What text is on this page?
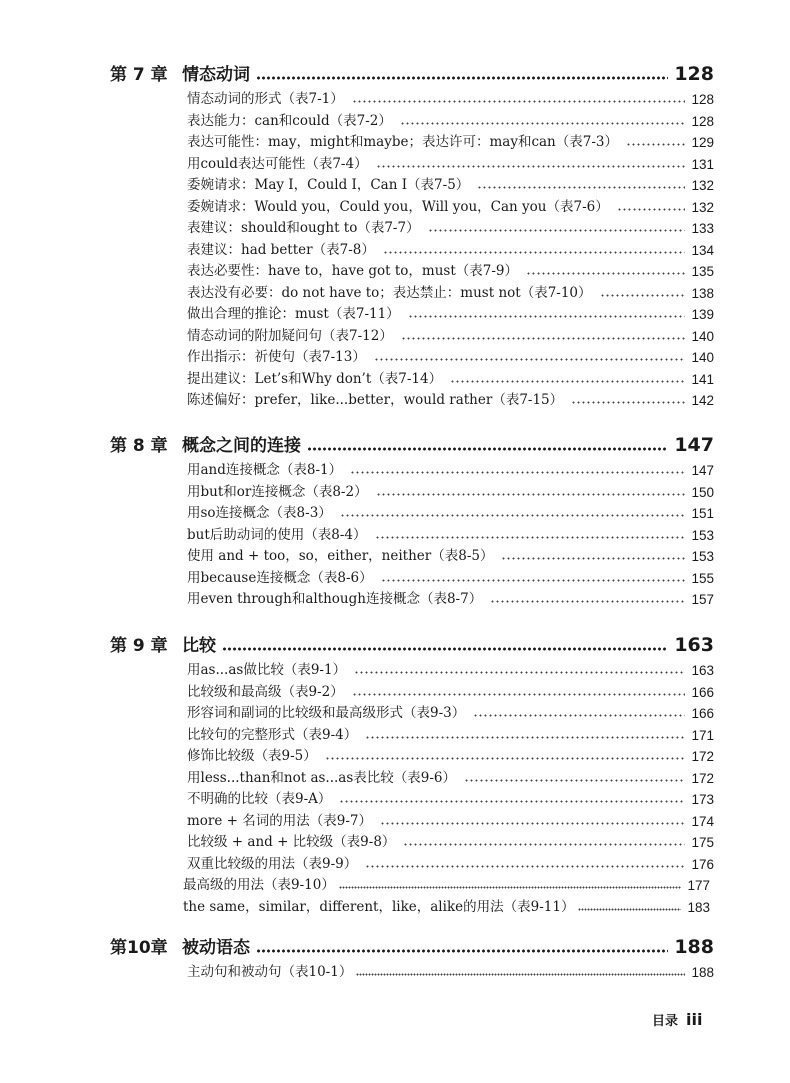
第 7 章 情态动词	128
情态动词的形式（表7-1）	128
表达能力：can和could（表7-2）	128
表达可能性：may，might和maybe；表达许可：may和can（表7-3）	129
用could表达可能性（表7-4）	131
委婉请求：May I，Could I，Can I（表7-5）	132
委婉请求：Would you，Could you，Will you，Can you（表7-6）	132
表建议：should和ought to（表7-7）	133
表建议：had better（表7-8）	134
表达必要性：have to，have got to，must（表7-9）	135
表达没有必要：do not have to；表达禁止：must not（表7-10）	138
做出合理的推论：must（表7-11）	139
情态动词的附加疑问句（表7-12）	140
作出指示：祈使句（表7-13）	140
提出建议：Let’s和Why don’t（表7-14）	141
陈述偏好：prefer，like...better，would rather（表7-15）	142
第 8 章 概念之间的连接	147
用and连接概念（表8-1）	147
用but和or连接概念（表8-2）	150
用so连接概念（表8-3）	151
but后助动词的使用（表8-4）	153
使用 and + too，so，either，neither（表8-5）	153
用because连接概念（表8-6）	155
用even through和although连接概念（表8-7）	157
第 9 章 比较	163
用as...as做比较（表9-1）	163
比较级和最高级（表9-2）	166
形容词和副词的比较级和最高级形式（表9-3）	166
比较句的完整形式（表9-4）	171
修饰比较级（表9-5）	172
用less...than和not as...as表比较（表9-6）	172
不明确的比较（表9-A）	173
more + 名词的用法（表9-7）	174
比较级 + and + 比较级（表9-8）	175
双重比较级的用法（表9-9）	176
最高级的用法（表9-10）	177
the same，similar，different，like，alike的用法（表9-11）	183
第10章 被动语态	188
主动句和被动句（表10-1）	188
目录 iii
